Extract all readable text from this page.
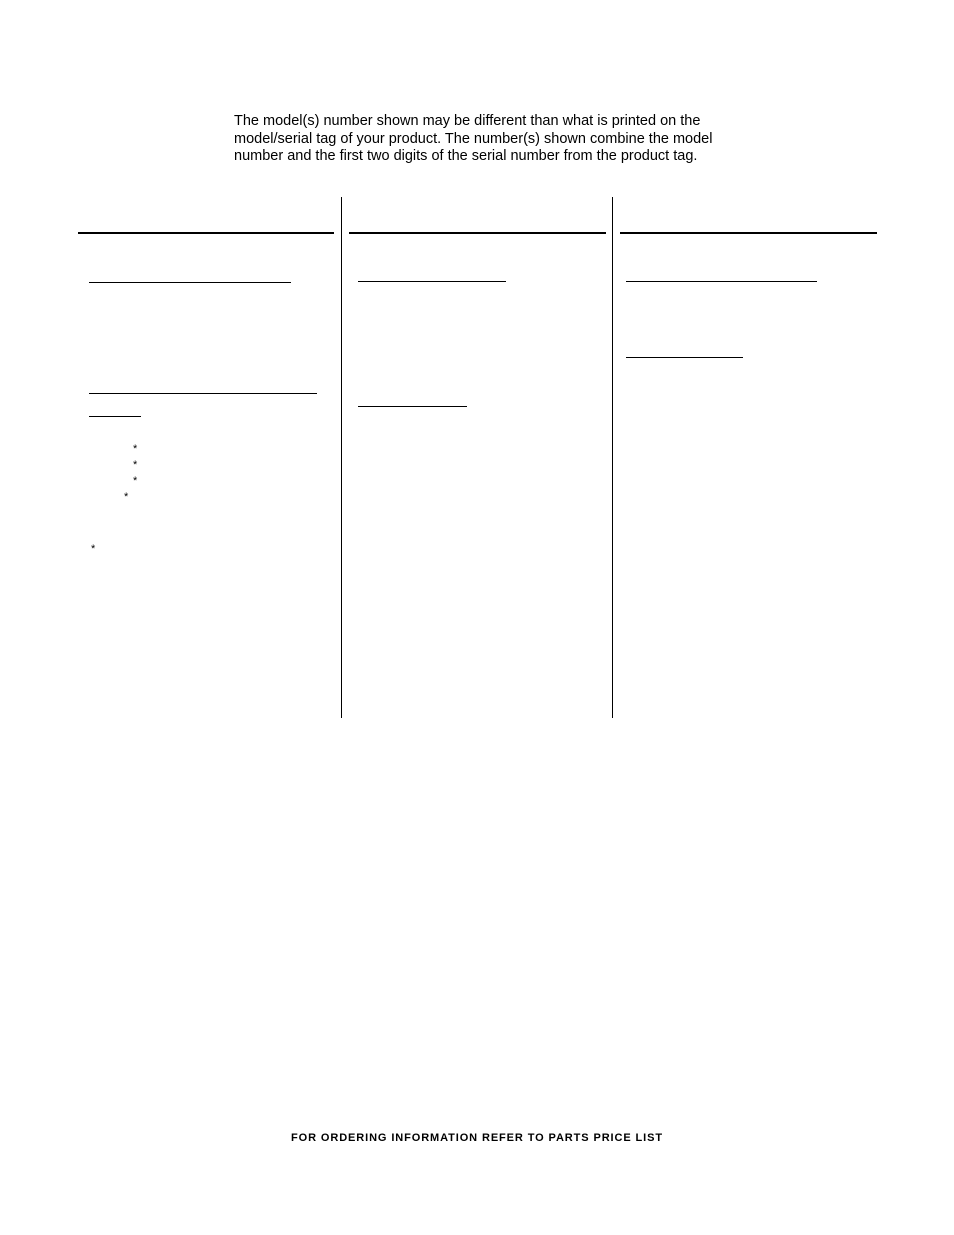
The model(s) number shown may be different than what is printed on the
model/serial tag of your product. The number(s) shown combine the model
number and the first two digits of the serial number from the product tag.
*
*
*
*
*
FOR ORDERING INFORMATION REFER TO PARTS PRICE LIST
